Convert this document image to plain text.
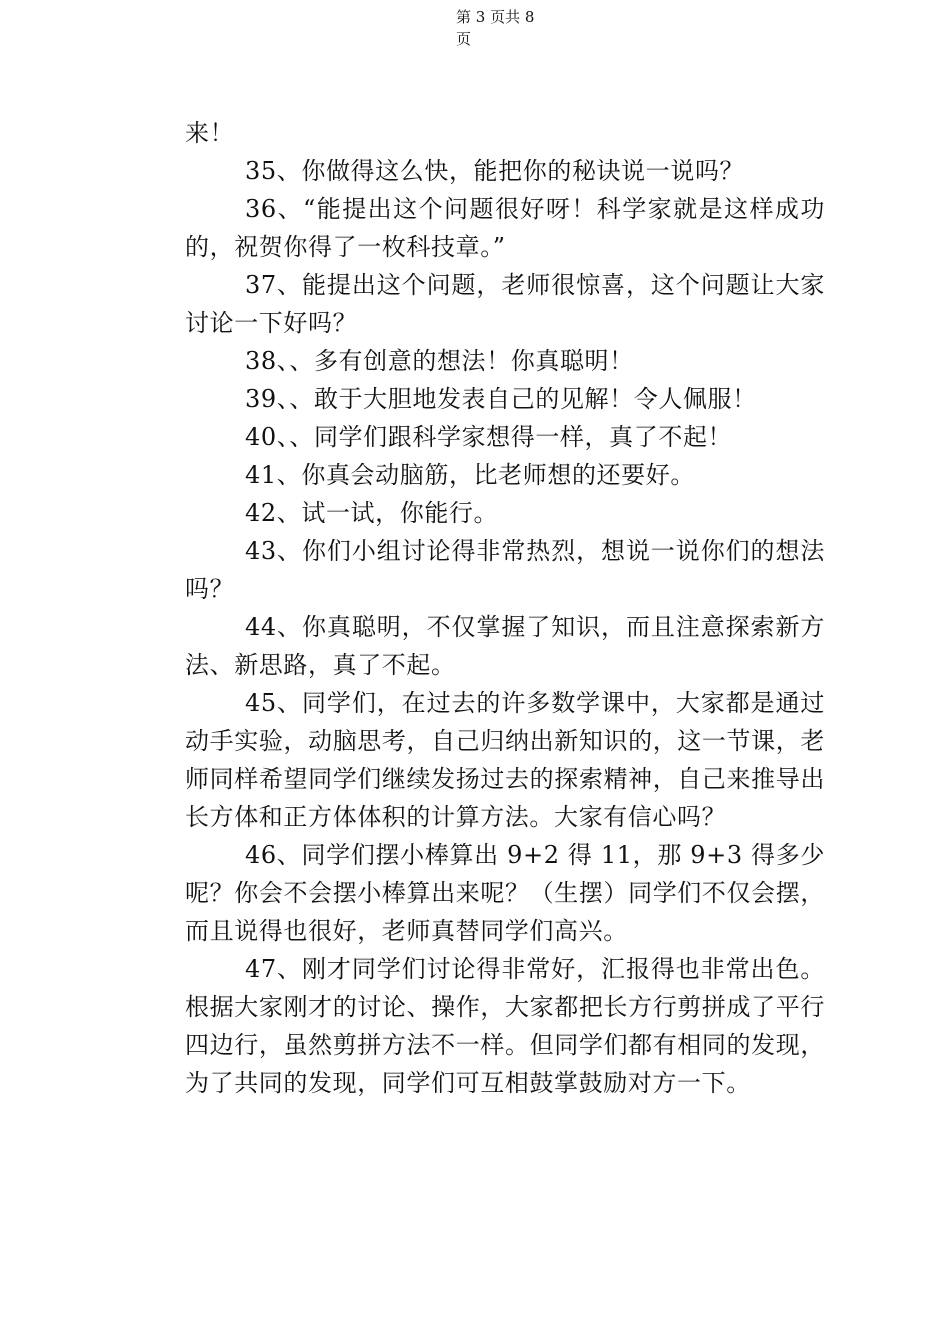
第 3 页共 8
页

来！

35、你做得这么快，能把你的秘诀说一说吗？

36、“能提出这个问题很好呀！科学家就是这样成功的，祝贺你得了一枚科技章。”

37、能提出这个问题，老师很惊喜，这个问题让大家讨论一下好吗？

38、、多有创意的想法！你真聪明！

39、、敢于大胆地发表自己的见解！令人佩服！

40、、同学们跟科学家想得一样，真了不起！

41、你真会动脑筋，比老师想的还要好。

42、试一试，你能行。

43、你们小组讨论得非常热烈，想说一说你们的想法吗？

44、你真聪明，不仅掌握了知识，而且注意探索新方法、新思路，真了不起。

45、同学们，在过去的许多数学课中，大家都是通过动手实验，动脑思考，自己归纳出新知识的，这一节课，老师同样希望同学们继续发扬过去的探索精神，自己来推导出长方体和正方体体积的计算方法。大家有信心吗？

46、同学们摆小棒算出 9+2 得 11，那 9+3 得多少呢？你会不会摆小棒算出来呢？（生摆）同学们不仅会摆，而且说得也很好，老师真替同学们高兴。

47、刚才同学们讨论得非常好，汇报得也非常出色。根据大家刚才的讨论、操作，大家都把长方行剪拼成了平行四边行，虽然剪拼方法不一样。但同学们都有相同的发现，为了共同的发现，同学们可互相鼓掌鼓励对方一下。
